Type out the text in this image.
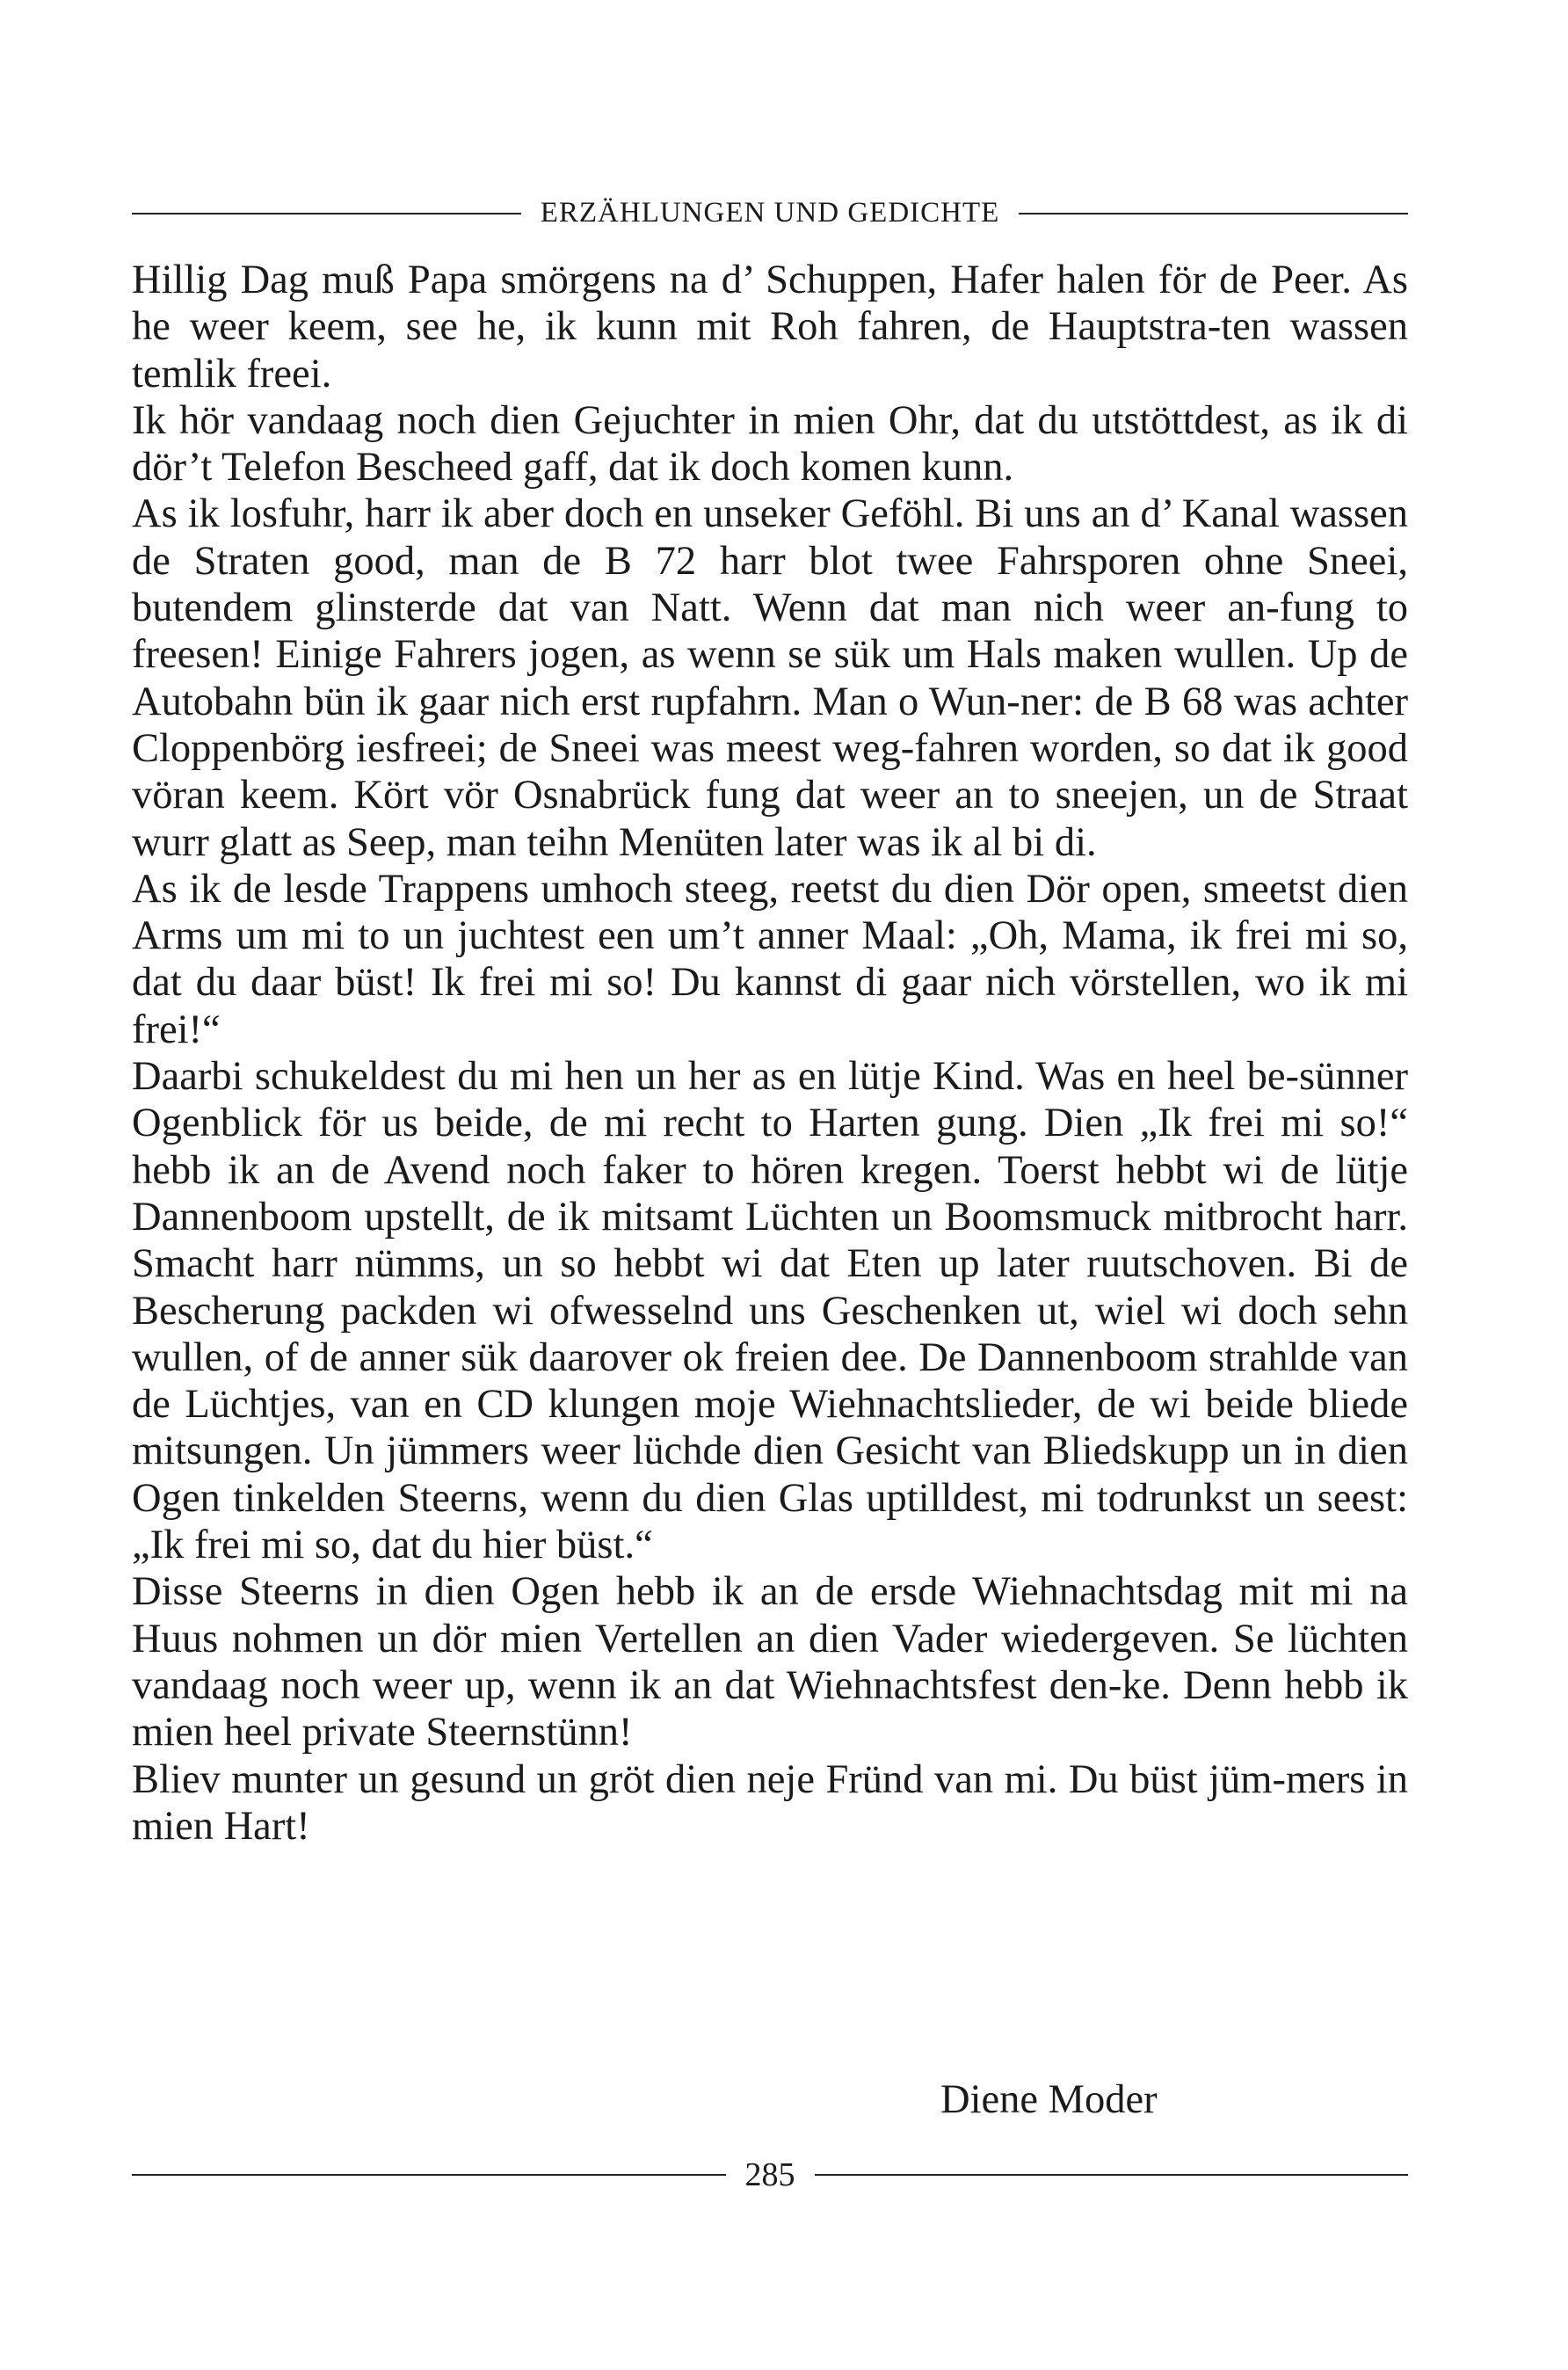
ERZÄHLUNGEN UND GEDICHTE

Hillig Dag muß Papa smörgens na d’ Schuppen, Hafer halen för de Peer. As he weer keem, see he, ik kunn mit Roh fahren, de Hauptstra-ten wassen temlik freei.

Ik hör vandaag noch dien Gejuchter in mien Ohr, dat du utstöttdest, as ik di dör’t Telefon Bescheed gaff, dat ik doch komen kunn.

As ik losfuhr, harr ik aber doch en unseker Geföhl. Bi uns an d’ Kanal wassen de Straten good, man de B 72 harr blot twee Fahrsporen ohne Sneei, butendem glinsterde dat van Natt. Wenn dat man nich weer an-fung to freesen! Einige Fahrers jogen, as wenn se sük um Hals maken wullen. Up de Autobahn bün ik gaar nich erst rupfahrn. Man o Wun-ner: de B 68 was achter Cloppenbörg iesfreei; de Sneei was meest weg-fahren worden, so dat ik good vöran keem. Kört vör Osnabrück fung dat weer an to sneejen, un de Straat wurr glatt as Seep, man teihn Menüten later was ik al bi di.

As ik de lesde Trappens umhoch steeg, reetst du dien Dör open, smeetst dien Arms um mi to un juchtest een um’t anner Maal: „Oh, Mama, ik frei mi so, dat du daar büst! Ik frei mi so! Du kannst di gaar nich vörstellen, wo ik mi frei!“

Daarbi schukeldest du mi hen un her as en lütje Kind. Was en heel be-sünner Ogenblick för us beide, de mi recht to Harten gung. Dien „Ik frei mi so!“ hebb ik an de Avend noch faker to hören kregen. Toerst hebbt wi de lütje Dannenboom upstellt, de ik mitsamt Lüchten un Boomsmuck mitbrocht harr. Smacht harr nümms, un so hebbt wi dat Eten up later ruutschoven. Bi de Bescherung packden wi ofwesselnd uns Geschenken ut, wiel wi doch sehn wullen, of de anner sük daarover ok freien dee. De Dannenboom strahlde van de Lüchtjes, van en CD klungen moje Wiehnachtslieder, de wi beide bliede mitsungen. Un jümmers weer lüchde dien Gesicht van Bliedskupp un in dien Ogen tinkelden Steerns, wenn du dien Glas uptilldest, mi todrunkst un seest: „Ik frei mi so, dat du hier büst.“

Disse Steerns in dien Ogen hebb ik an de ersde Wiehnachtsdag mit mi na Huus nohmen un dör mien Vertellen an dien Vader wiedergeven. Se lüchten vandaag noch weer up, wenn ik an dat Wiehnachtsfest den-ke. Denn hebb ik mien heel private Steernstünn!

Bliev munter un gesund un gröt dien neje Fründ van mi. Du büst jüm-mers in mien Hart!

Diene Moder
285
